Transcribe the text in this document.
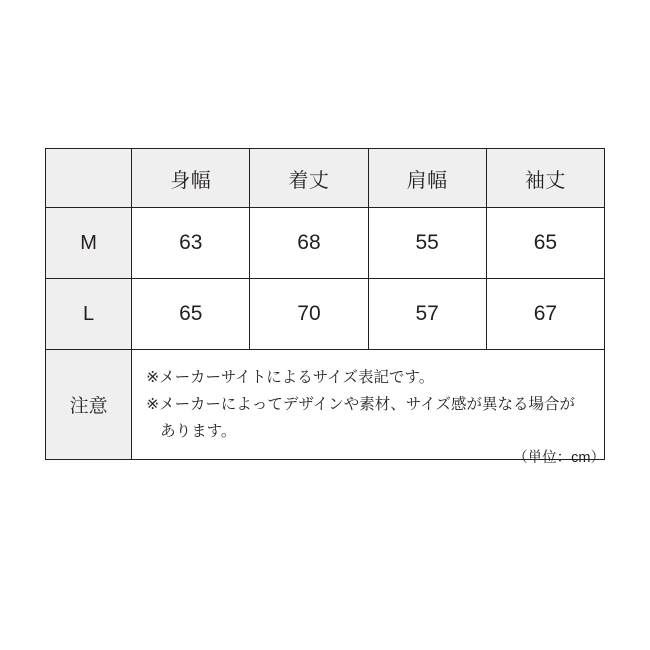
	身幅	着丈	肩幅	袖丈
M	63	68	55	65
L	65	70	57	67
注意	※メーカーサイトによるサイズ表記です。
※メーカーによってデザインや素材、サイズ感が異なる場合が
あります。			
（単位：cm）
